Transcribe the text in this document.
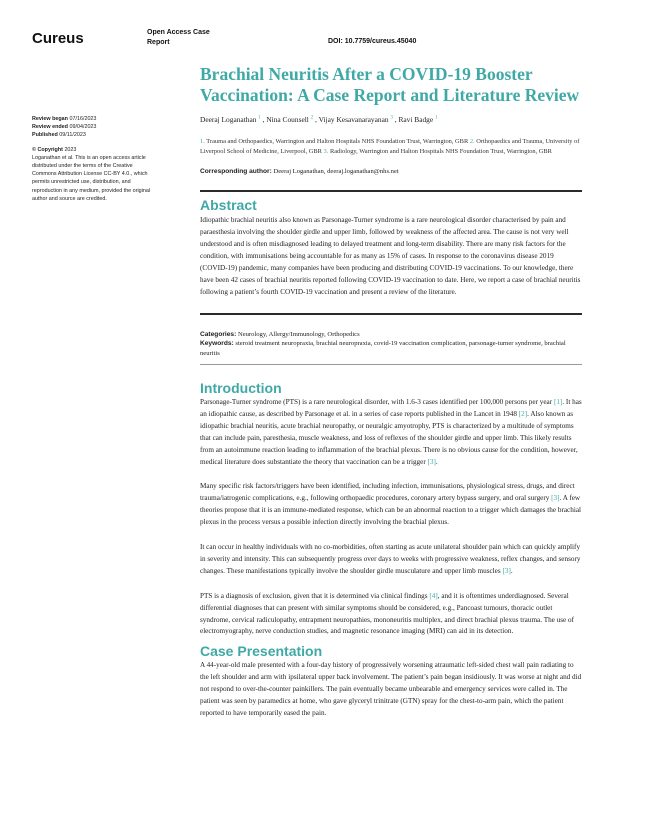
Cureus	Open Access Case
Report	DOI: 10.7759/cureus.45040
Review began 07/16/2023
Review ended 09/04/2023
Published 09/11/2023
© Copyright 2023
Loganathan et al. This is an open access article distributed under the terms of the Creative Commons Attribution License CC-BY 4.0., which permits unrestricted use, distribution, and reproduction in any medium, provided the original author and source are credited.
Brachial Neuritis After a COVID-19 Booster Vaccination: A Case Report and Literature Review
Deeraj Loganathan $^1$ , Nina Counsell $^2$ , Vijay Kesavanarayanan $^3$ , Ravi Badge $^1$
1. Trauma and Orthopaedics, Warrington and Halton Hospitals NHS Foundation Trust, Warrington, GBR 2. Orthopaedics and Trauma, University of Liverpool School of Medicine, Liverpool, GBR 3. Radiology, Warrington and Halton Hospitals NHS Foundation Trust, Warrington, GBR
Corresponding author: Deeraj Loganathan, deeraj.loganathan@nhs.net
Abstract

Idiopathic brachial neuritis also known as Parsonage-Turner syndrome is a rare neurological disorder characterised by pain and paraesthesia involving the shoulder girdle and upper limb, followed by weakness of the affected area. The cause is not very well understood and is often misdiagnosed leading to delayed treatment and long-term disability. There are many risk factors for the condition, with immunisations being accountable for as many as 15% of cases. In response to the coronavirus disease 2019 (COVID-19) pandemic, many companies have been producing and distributing COVID-19 vaccinations. To our knowledge, there have been 42 cases of brachial neuritis reported following COVID-19 vaccination to date. Here, we report a case of brachial neuritis following a patient’s fourth COVID-19 vaccination and present a review of the literature.

Categories: Neurology, Allergy/Immunology, Orthopedics
Keywords: steroid treatment neuropraxia, brachial neuropraxia, covid-19 vaccination complication, parsonage-turner syndrome, brachial neuritis
Introduction

Parsonage-Turner syndrome (PTS) is a rare neurological disorder, with 1.6-3 cases identified per 100,000 persons per year [1]. It has an idiopathic cause, as described by Parsonage et al. in a series of case reports published in the Lancet in 1948 [2]. Also known as idiopathic brachial neuritis, acute brachial neuropathy, or neuralgic amyotrophy, PTS is characterized by a multitude of symptoms that can include pain, paresthesia, muscle weakness, and loss of reflexes of the shoulder girdle and upper limb. This likely results from an autoimmune reaction leading to inflammation of the brachial plexus. There is no obvious cause for the condition, however, medical literature does substantiate the theory that vaccination can be a trigger [3].

Many specific risk factors/triggers have been identified, including infection, immunisations, physiological stress, drugs, and direct trauma/iatrogenic complications, e.g., following orthopaedic procedures, coronary artery bypass surgery, and oral surgery [3]. A few theories propose that it is an immune-mediated response, which can be an abnormal reaction to a trigger which damages the brachial plexus in the process versus a possible infection directly involving the brachial plexus.

It can occur in healthy individuals with no co-morbidities, often starting as acute unilateral shoulder pain which can quickly amplify in severity and intensity. This can subsequently progress over days to weeks with progressive weakness, reflex changes, and sensory changes. These manifestations typically involve the shoulder girdle musculature and upper limb muscles [3].

PTS is a diagnosis of exclusion, given that it is determined via clinical findings [4], and it is oftentimes underdiagnosed. Several differential diagnoses that can present with similar symptoms should be considered, e.g., Pancoast tumours, thoracic outlet syndrome, cervical radiculopathy, entrapment neuropathies, mononeuritis multiplex, and direct brachial plexus trauma. The use of electromyography, nerve conduction studies, and magnetic resonance imaging (MRI) can aid in its detection.

Case Presentation

A 44-year-old male presented with a four-day history of progressively worsening atraumatic left-sided chest wall pain radiating to the left shoulder and arm with ipsilateral upper back involvement. The patient’s pain began insidiously. It was worse at night and did not respond to over-the-counter painkillers. The pain eventually became unbearable and emergency services were called in. The patient was seen by paramedics at home, who gave glyceryl trinitrate (GTN) spray for the chest-to-arm pain, which the patient reported to have temporarily eased the pain.
